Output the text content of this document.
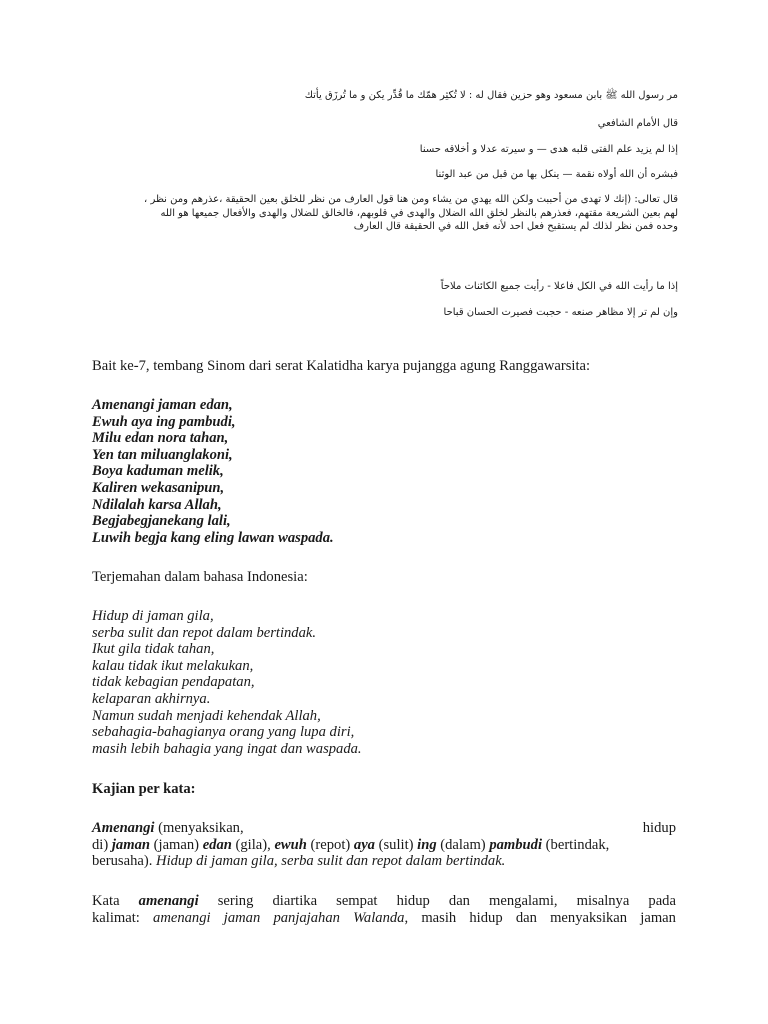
مر رسول الله ﷺ بابن مسعود وهو حزين فقال له : لا تُكثِر همّك ما قُدِّر يكن و ما تُرزَق يأتك
قال الأمام الشافعي
إذا لم يزيد علم الفتى قلبه هدى — و سيرته عدلا و أخلاقه حسنا
فبشره أن الله أولاه نقمة — ينكل بها من قبل من عبد الوثنا
قال تعالى: (إنك لا تهدى من أحببت ولكن الله يهدي من يشاء ومن هنا قول العارف من نظر للخلق بعين الحقيقة ،عذرهم ومن نظر ،
لهم بعين الشريعة مقتهم، فعذرهم بالنظر لخلق الله الضلال والهدى في قلوبهم، فالخالق للضلال والهدى والأفعال جميعها هو الله
وحده فمن نظر لذلك لم يستقبح فعل احد لأنه فعل الله في الحقيقة قال العارف
إذا ما رأيت الله في الكل فاعلا - رأيت جميع الكائنات ملاحاً
وإن لم تر إلا مظاهر صنعه - حجبت فصيرت الحسان قباحا
Bait ke-7, tembang Sinom dari serat Kalatidha karya pujangga agung Ranggawarsita:
Amenangi jaman edan,
Ewuh aya ing pambudi,
Milu edan nora tahan,
Yen tan miluanglakoni,
Boya kaduman melik,
Kaliren wekasanipun,
Ndilalah karsa Allah,
Begjabegjanekang lali,
Luwih begja kang eling lawan waspada.
Terjemahan dalam bahasa Indonesia:
Hidup di jaman gila,
serba sulit dan repot dalam bertindak.
Ikut gila tidak tahan,
kalau tidak ikut melakukan,
tidak kebagian pendapatan,
kelaparan akhirnya.
Namun sudah menjadi kehendak Allah,
sebahagia-bahagianya orang yang lupa diri,
masih lebih bahagia yang ingat dan waspada.
Kajian per kata:
Amenangi (menyaksikan,	hidup
di) jaman (jaman) edan (gila), ewuh (repot) aya (sulit) ing (dalam) pambudi (bertindak,
berusaha). Hidup di jaman gila, serba sulit dan repot dalam bertindak.
Kata amenangi sering diartika sempat hidup dan mengalami, misalnya pada
kalimat: amenangi jaman panjajahan Walanda, masih hidup dan menyaksikan jaman
